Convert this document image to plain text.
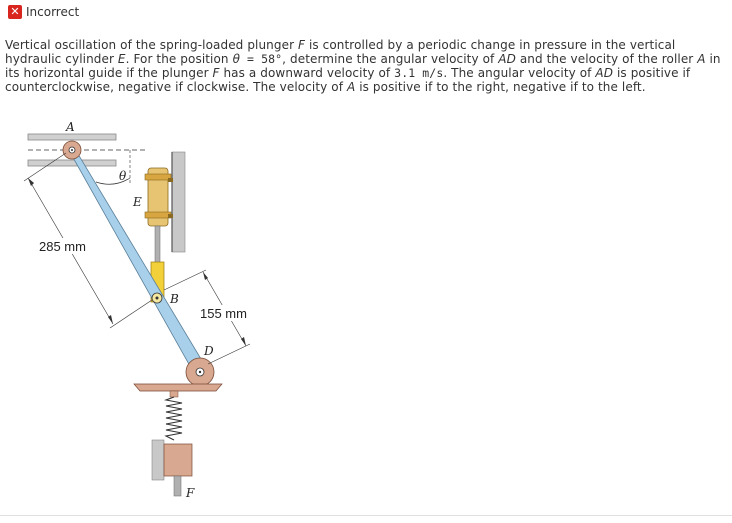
✕ Incorrect
Vertical oscillation of the spring-loaded plunger F is controlled by a periodic change in pressure in the vertical hydraulic cylinder E. For the position θ = 58°, determine the angular velocity of AD and the velocity of the roller A in its horizontal guide if the plunger F has a downward velocity of 3.1 m/s. The angular velocity of AD is positive if counterclockwise, negative if clockwise. The velocity of A is positive if to the right, negative if to the left.
θ
E
A
B
D
F
285 mm
155 mm
